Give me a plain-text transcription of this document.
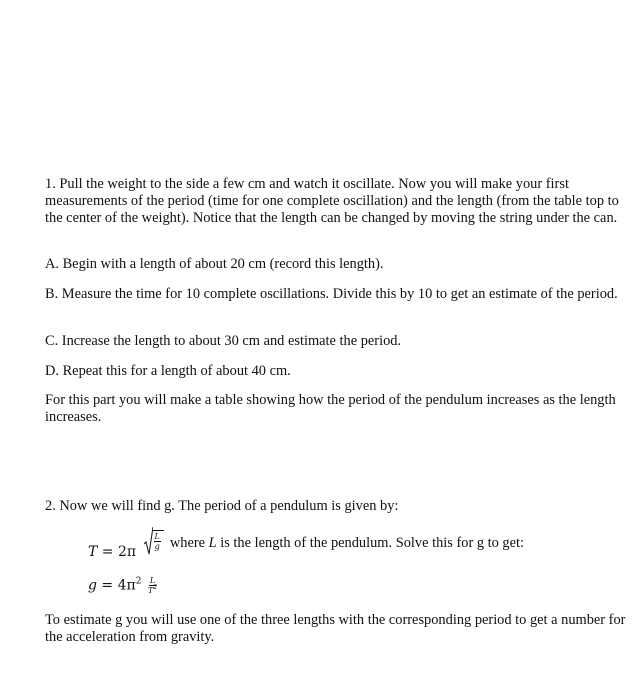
1. Pull the weight to the side a few cm and watch it oscillate. Now you will make your first measurements of the period (time for one complete oscillation) and the length (from the table top to the center of the weight). Notice that the length can be changed by moving the string under the can.

A. Begin with a length of about 20 cm (record this length).

B. Measure the time for 10 complete oscillations. Divide this by 10 to get an estimate of the period.

C. Increase the length to about 30 cm and estimate the period.

D. Repeat this for a length of about 40 cm.

For this part you will make a table showing how the period of the pendulum increases as the length increases.

2. Now we will find g. The period of a pendulum is given by:

T = 2π
$\frac{L}{g}$ where L is the length of the pendulum. Solve this for g to get:
$g = 4\pi^2 \frac{L}{T^2}$

To estimate g you will use one of the three lengths with the corresponding period to get a number for the acceleration from gravity.
